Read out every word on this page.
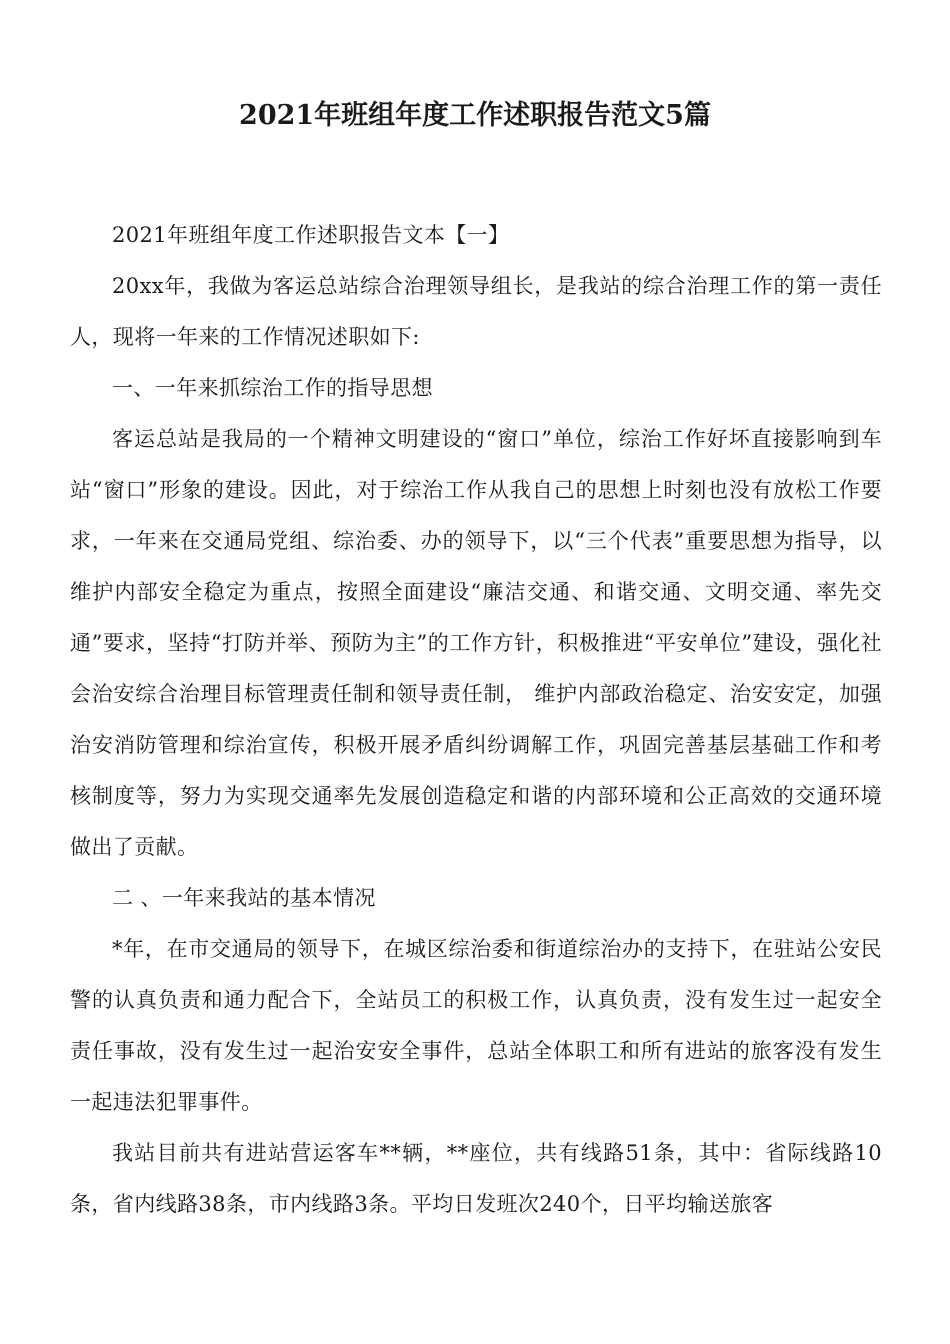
2021年班组年度工作述职报告范文5篇

2021年班组年度工作述职报告文本【一】

20xx年，我做为客运总站综合治理领导组长，是我站的综合治理工作的第一责任人，现将一年来的工作情况述职如下:

一、一年来抓综治工作的指导思想

客运总站是我局的一个精神文明建设的“窗口”单位，综治工作好坏直接影响到车站“窗口”形象的建设。因此，对于综治工作从我自己的思想上时刻也没有放松工作要求，一年来在交通局党组、综治委、办的领导下，以“三个代表”重要思想为指导，以维护内部安全稳定为重点，按照全面建设“廉洁交通、和谐交通、文明交通、率先交通”要求，坚持“打防并举、预防为主”的工作方针，积极推进“平安单位”建设，强化社会治安综合治理目标管理责任制和领导责任制， 维护内部政治稳定、治安安定，加强治安消防管理和综治宣传，积极开展矛盾纠纷调解工作，巩固完善基层基础工作和考核制度等，努力为实现交通率先发展创造稳定和谐的内部环境和公正高效的交通环境做出了贡献。

二 、一年来我站的基本情况

*年，在市交通局的领导下，在城区综治委和街道综治办的支持下，在驻站公安民警的认真负责和通力配合下，全站员工的积极工作，认真负责，没有发生过一起安全责任事故，没有发生过一起治安安全事件，总站全体职工和所有进站的旅客没有发生一起违法犯罪事件。

我站目前共有进站营运客车**辆，**座位，共有线路51条，其中：省际线路10条，省内线路38条，市内线路3条。平均日发班次240个，日平均输送旅客
